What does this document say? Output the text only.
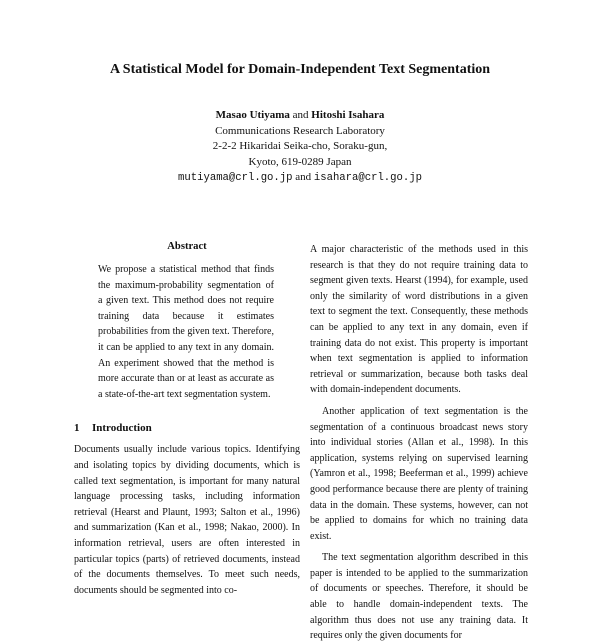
A Statistical Model for Domain-Independent Text Segmentation
Masao Utiyama and Hitoshi Isahara
Communications Research Laboratory
2-2-2 Hikaridai Seika-cho, Soraku-gun,
Kyoto, 619-0289 Japan
mutiyama@crl.go.jp and isahara@crl.go.jp
Abstract

We propose a statistical method that finds the maximum-probability segmentation of a given text. This method does not require training data because it estimates probabilities from the given text. Therefore, it can be applied to any text in any domain. An experiment showed that the method is more accurate than or at least as accurate as a state-of-the-art text segmentation system.

1 Introduction

Documents usually include various topics. Identifying and isolating topics by dividing documents, which is called text segmentation, is important for many natural language processing tasks, including information retrieval (Hearst and Plaunt, 1993; Salton et al., 1996) and summarization (Kan et al., 1998; Nakao, 2000). In information retrieval, users are often interested in particular topics (parts) of retrieved documents, instead of the documents themselves. To meet such needs, documents should be segmented into co-

A major characteristic of the methods used in this research is that they do not require training data to segment given texts. Hearst (1994), for example, used only the similarity of word distributions in a given text to segment the text. Consequently, these methods can be applied to any text in any domain, even if training data do not exist. This property is important when text segmentation is applied to information retrieval or summarization, because both tasks deal with domain-independent documents.

Another application of text segmentation is the segmentation of a continuous broadcast news story into individual stories (Allan et al., 1998). In this application, systems relying on supervised learning (Yamron et al., 1998; Beeferman et al., 1999) achieve good performance because there are plenty of training data in the domain. These systems, however, can not be applied to domains for which no training data exist.

The text segmentation algorithm described in this paper is intended to be applied to the summarization of documents or speeches. Therefore, it should be able to handle domain-independent texts. The algorithm thus does not use any training data. It requires only the given documents for
